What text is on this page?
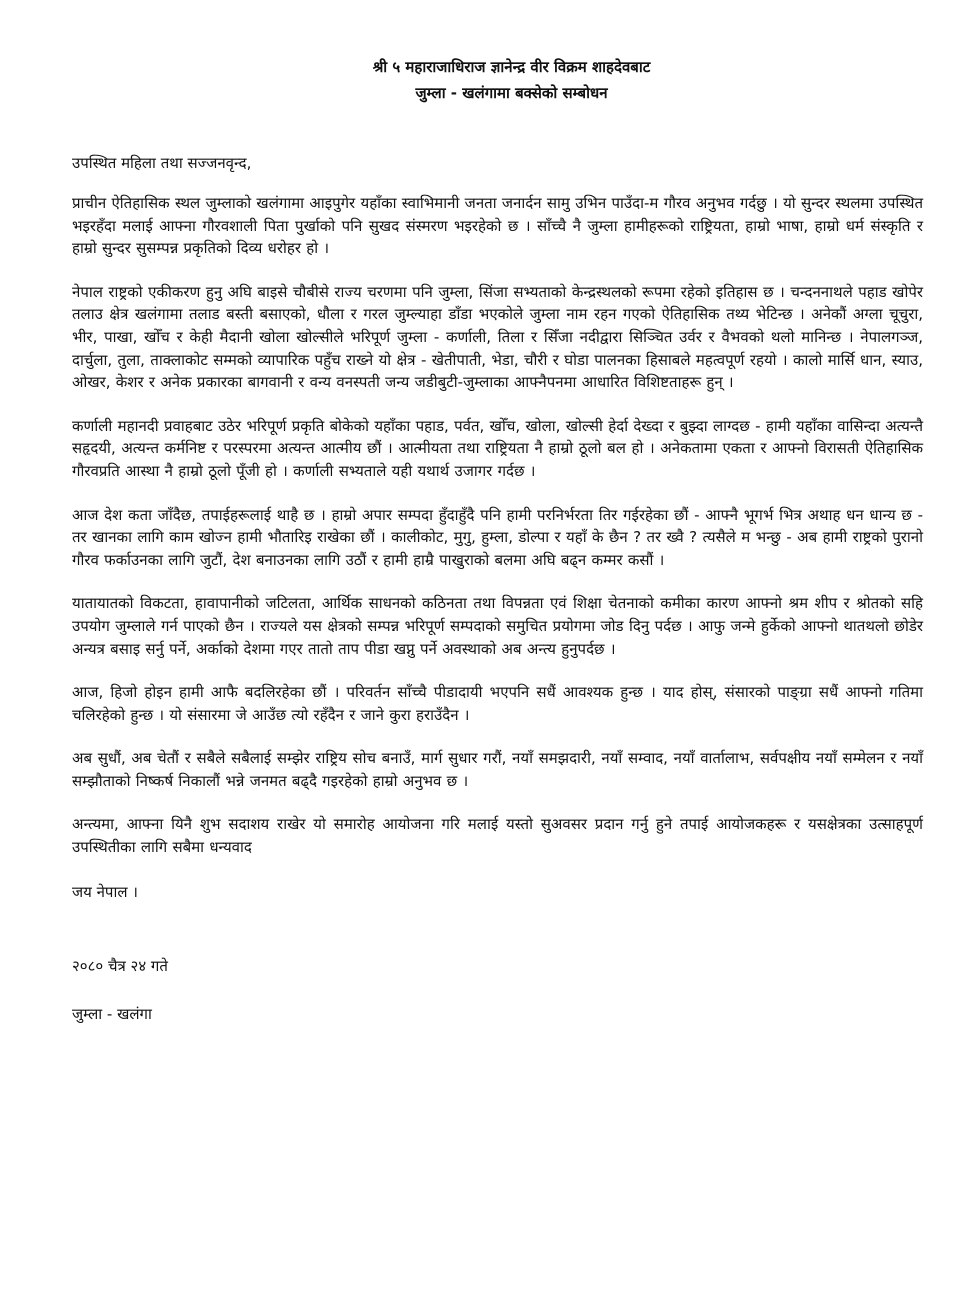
श्री ५ महाराजाधिराज ज्ञानेन्द्र वीर विक्रम शाहदेवबाट
जुम्ला - खलंगामा बक्सेको सम्बोधन

उपस्थित महिला तथा सज्जनवृन्द,

प्राचीन ऐतिहासिक स्थल जुम्लाको खलंगामा आइपुगेर यहाँका स्वाभिमानी जनता जनार्दन सामु उभिन पाउँदा-म गौरव अनुभव गर्दछु । यो सुन्दर स्थलमा उपस्थित भइरहँदा मलाई आफ्ना गौरवशाली पिता पुर्खाको पनि सुखद संस्मरण भइरहेको छ । साँच्चै नै जुम्ला हामीहरूको राष्ट्रियता, हाम्रो भाषा, हाम्रो धर्म संस्कृति र हाम्रो सुन्दर सुसम्पन्न प्रकृतिको दिव्य धरोहर हो ।

नेपाल राष्ट्रको एकीकरण हुनु अघि बाइसे चौबीसे राज्य चरणमा पनि जुम्ला, सिंजा सभ्यताको केन्द्रस्थलको रूपमा रहेको इतिहास छ । चन्दननाथले पहाड खोपेर तलाउ क्षेत्र खलंगामा तलाड बस्ती बसाएको, धौला र गरल जुम्ल्याहा डाँडा भएकोले जुम्ला नाम रहन गएको ऐतिहासिक तथ्य भेटिन्छ । अनेकौं अग्ला चूचुरा, भीर, पाखा, खोँच र केही मैदानी खोला खोल्सीले भरिपूर्ण जुम्ला - कर्णाली, तिला र सिँजा नदीद्वारा सिञ्चित उर्वर र वैभवको थलो मानिन्छ । नेपालगञ्ज, दार्चुला, तुला, ताक्लाकोट सम्मको व्यापारिक पहुँच राख्ने यो क्षेत्र - खेतीपाती, भेडा, चौरी र घोडा पालनका हिसाबले महत्वपूर्ण रहयो । कालो मार्सि धान, स्याउ, ओखर, केशर र अनेक प्रकारका बागवानी र वन्य वनस्पती जन्य जडीबुटी-जुम्लाका आफ्नैपनमा आधारित विशिष्टताहरू हुन् ।

कर्णाली महानदी प्रवाहबाट उठेर भरिपूर्ण प्रकृति बोकेको यहाँका पहाड, पर्वत, खोँच, खोला, खोल्सी हेर्दा देख्दा र बुझ्दा लाग्दछ - हामी यहाँका वासिन्दा अत्यन्तै सहृदयी, अत्यन्त कर्मनिष्ट र परस्परमा अत्यन्त आत्मीय छौं । आत्मीयता तथा राष्ट्रियता नै हाम्रो ठूलो बल हो । अनेकतामा एकता र आफ्नो विरासती ऐतिहासिक गौरवप्रति आस्था नै हाम्रो ठूलो पूँजी हो । कर्णाली सभ्यताले यही यथार्थ उजागर गर्दछ ।

आज देश कता जाँदैछ, तपाईहरूलाई थाहै छ । हाम्रो अपार सम्पदा हुँदाहुँदै पनि हामी परनिर्भरता तिर गईरहेका छौं - आफ्नै भूगर्भ भित्र अथाह धन धान्य छ - तर खानका लागि काम खोज्न हामी भौतारिइ राखेका छौं । कालीकोट, मुगु, हुम्ला, डोल्पा र यहाँ के छैन ? तर ख्वै ? त्यसैले म भन्छु - अब हामी राष्ट्रको पुरानो गौरव फर्काउनका लागि जुटौं, देश बनाउनका लागि उठौं र हामी हाम्रै पाखुराको बलमा अघि बढ्न कम्मर कसौं ।

यातायातको विकटता, हावापानीको जटिलता, आर्थिक साधनको कठिनता तथा विपन्नता एवं शिक्षा चेतनाको कमीका कारण आफ्नो श्रम शीप र श्रोतको सहि उपयोग जुम्लाले गर्न पाएको छैन । राज्यले यस क्षेत्रको सम्पन्न भरिपूर्ण सम्पदाको समुचित प्रयोगमा जोड दिनु पर्दछ । आफु जन्मे हुर्केको आफ्नो थातथलो छोडेर अन्यत्र बसाइ सर्नु पर्ने, अर्काको देशमा गएर तातो ताप पीडा खप्नु पर्ने अवस्थाको अब अन्त्य हुनुपर्दछ ।

आज, हिजो होइन हामी आफै बदलिरहेका छौं । परिवर्तन साँच्चै पीडादायी भएपनि सधैं आवश्यक हुन्छ । याद होस्, संसारको पाङ्ग्रा सधैं आफ्नो गतिमा चलिरहेको हुन्छ । यो संसारमा जे आउँछ त्यो रहँदैन र जाने कुरा हराउँदैन ।

अब सुधौं, अब चेतौं र सबैले सबैलाई सम्झेर राष्ट्रिय सोच बनाउँ, मार्ग सुधार गरौं, नयाँ समझदारी, नयाँ सम्वाद, नयाँ वार्तालाभ, सर्वपक्षीय नयाँ सम्मेलन र नयाँ सम्झौताको निष्कर्ष निकालौं भन्ने जनमत बढ्दै गइरहेको हाम्रो अनुभव छ ।

अन्त्यमा, आफ्ना यिनै शुभ सदाशय राखेर यो समारोह आयोजना गरि मलाई यस्तो सुअवसर प्रदान गर्नु हुने तपाई आयोजकहरू र यसक्षेत्रका उत्साहपूर्ण उपस्थितीका लागि सबैमा धन्यवाद

जय नेपाल ।

२०८० चैत्र २४ गते

जुम्ला - खलंगा
